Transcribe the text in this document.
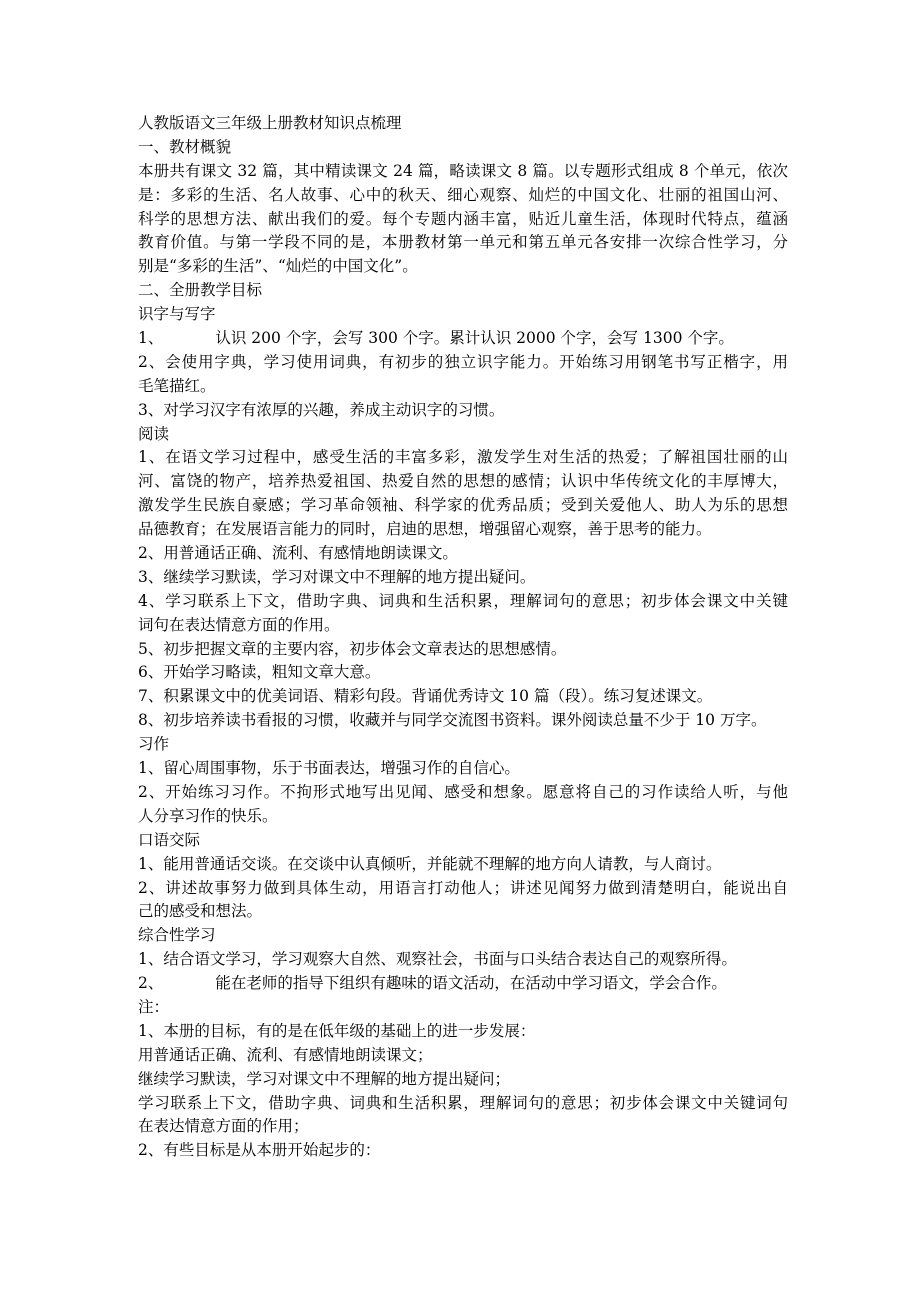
人教版语文三年级上册教材知识点梳理
一、教材概貌
本册共有课文 32 篇，其中精读课文 24 篇，略读课文 8 篇。以专题形式组成 8 个单元，依次
是：多彩的生活、名人故事、心中的秋天、细心观察、灿烂的中国文化、壮丽的祖国山河、
科学的思想方法、献出我们的爱。每个专题内涵丰富，贴近儿童生活，体现时代特点，蕴涵
教育价值。与第一学段不同的是，本册教材第一单元和第五单元各安排一次综合性学习，分
别是“多彩的生活”、“灿烂的中国文化”。
二、全册教学目标
识字与写字
1、	认识 200 个字，会写 300 个字。累计认识 2000 个字，会写 1300 个字。
2、会使用字典，学习使用词典，有初步的独立识字能力。开始练习用钢笔书写正楷字，用
毛笔描红。
3、对学习汉字有浓厚的兴趣，养成主动识字的习惯。
阅读
1、在语文学习过程中，感受生活的丰富多彩，激发学生对生活的热爱；了解祖国壮丽的山
河、富饶的物产，培养热爱祖国、热爱自然的思想的感情；认识中华传统文化的丰厚博大，
激发学生民族自豪感；学习革命领袖、科学家的优秀品质；受到关爱他人、助人为乐的思想
品德教育；在发展语言能力的同时，启迪的思想，增强留心观察，善于思考的能力。
2、用普通话正确、流利、有感情地朗读课文。
3、继续学习默读，学习对课文中不理解的地方提出疑问。
4、学习联系上下文，借助字典、词典和生活积累，理解词句的意思；初步体会课文中关键
词句在表达情意方面的作用。
5、初步把握文章的主要内容，初步体会文章表达的思想感情。
6、开始学习略读，粗知文章大意。
7、积累课文中的优美词语、精彩句段。背诵优秀诗文 10 篇（段）。练习复述课文。
8、初步培养读书看报的习惯，收藏并与同学交流图书资料。课外阅读总量不少于 10 万字。
习作
1、留心周围事物，乐于书面表达，增强习作的自信心。
2、开始练习习作。不拘形式地写出见闻、感受和想象。愿意将自己的习作读给人听，与他
人分享习作的快乐。
口语交际
1、能用普通话交谈。在交谈中认真倾听，并能就不理解的地方向人请教，与人商讨。
2、讲述故事努力做到具体生动，用语言打动他人；讲述见闻努力做到清楚明白，能说出自
己的感受和想法。
综合性学习
1、结合语文学习，学习观察大自然、观察社会，书面与口头结合表达自己的观察所得。
2、	能在老师的指导下组织有趣味的语文活动，在活动中学习语文，学会合作。
注：
1、本册的目标，有的是在低年级的基础上的进一步发展：
用普通话正确、流利、有感情地朗读课文；
继续学习默读，学习对课文中不理解的地方提出疑问；
学习联系上下文，借助字典、词典和生活积累，理解词句的意思；初步体会课文中关键词句
在表达情意方面的作用；
2、有些目标是从本册开始起步的：
